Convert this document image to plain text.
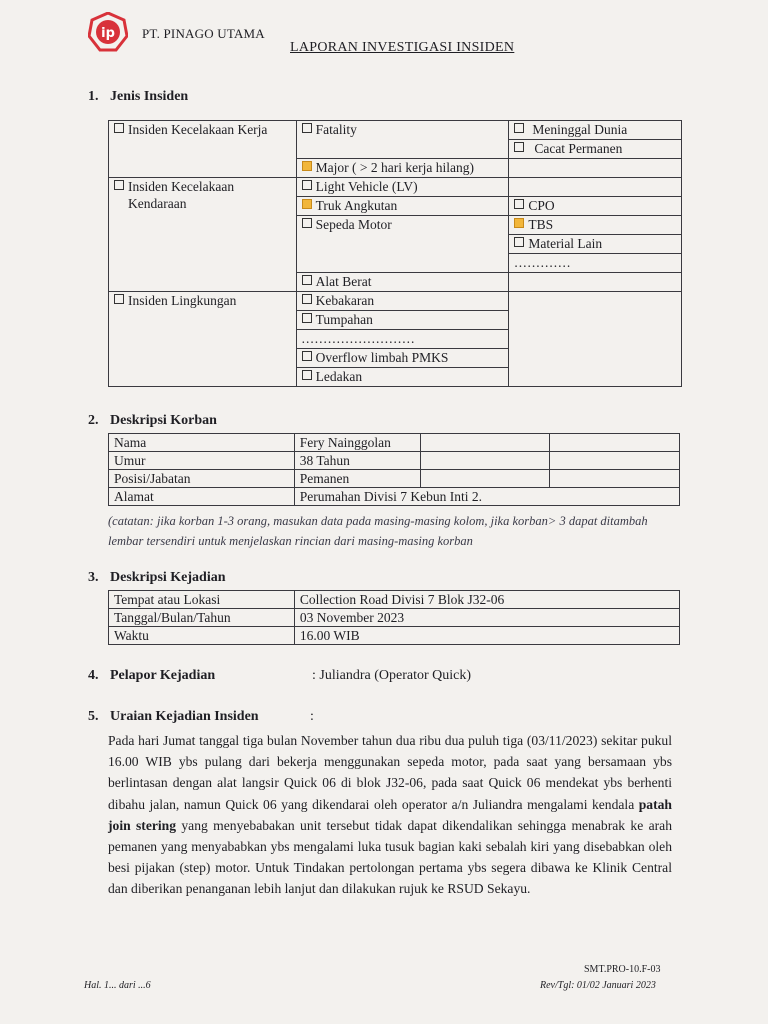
ip PT. PINAGO UTAMA
LAPORAN INVESTIGASI INSIDEN
1. Jenis Insiden
Insiden Kecelakaan Kerja	Fatality	Meninggal Dunia
		Cacat Permanen
	Major ( > 2 hari kerja hilang)	
Insiden Kecelakaan
Kendaraan	Light Vehicle (LV)	
	Truk Angkutan	CPO
	Sepeda Motor	TBS
		Material Lain
		.............
	Alat Berat	
Insiden Lingkungan	Kebakaran	
	Tumpahan	
	..........................	
	Overflow limbah PMKS	
	Ledakan	
2. Deskripsi Korban
Nama	Fery Nainggolan		
Umur	38 Tahun		
Posisi/Jabatan	Pemanen		
Alamat	Perumahan Divisi 7 Kebun Inti 2.		
(catatan: jika korban 1-3 orang, masukan data pada masing-masing kolom, jika korban> 3 dapat ditambah lembar tersendiri untuk menjelaskan rincian dari masing-masing korban
3. Deskripsi Kejadian
Tempat atau Lokasi	Collection Road Divisi 7 Blok J32-06
Tanggal/Bulan/Tahun	03 November 2023
Waktu	16.00 WIB
4. Pelapor Kejadian	: Juliandra (Operator Quick)
5. Uraian Kejadian Insiden	:
Pada hari Jumat tanggal tiga bulan November tahun dua ribu dua puluh tiga (03/11/2023) sekitar pukul 16.00 WIB ybs pulang dari bekerja menggunakan sepeda motor, pada saat yang bersamaan ybs berlintasan dengan alat langsir Quick 06 di blok J32-06, pada saat Quick 06 mendekat ybs berhenti dibahu jalan, namun Quick 06 yang dikendarai oleh operator a/n Juliandra mengalami kendala patah join stering yang menyebabakan unit tersebut tidak dapat dikendalikan sehingga menabrak ke arah pemanen yang menyababkan ybs mengalami luka tusuk bagian kaki sebalah kiri yang disebabkan oleh besi pijakan (step) motor. Untuk Tindakan pertolongan pertama ybs segera dibawa ke Klinik Central dan diberikan penanganan lebih lanjut dan dilakukan rujuk ke RSUD Sekayu.
Hal. 1... dari ...6
SMT.PRO-10.F-03
Rev/Tgl: 01/02 Januari 2023
